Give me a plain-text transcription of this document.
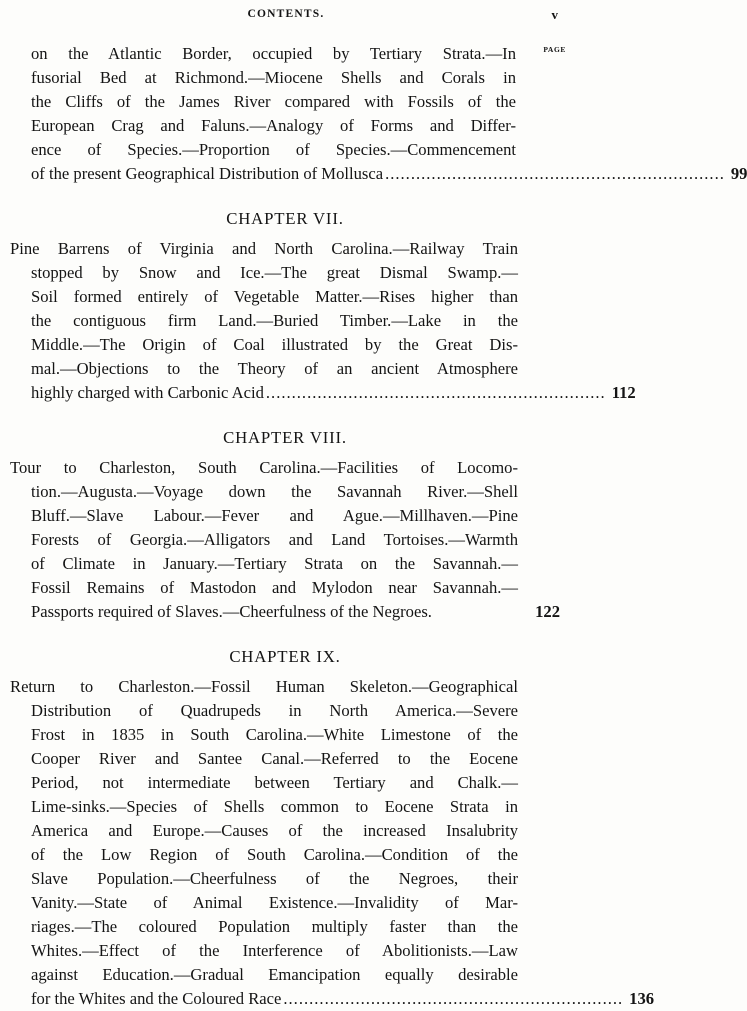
CONTENTS.	v
PAGE
on the Atlantic Border, occupied by Tertiary Strata.—In
fusorial Bed at Richmond.—Miocene Shells and Corals in
the Cliffs of the James River compared with Fossils of the
European Crag and Faluns.—Analogy of Forms and Differ-
ence of Species.—Proportion of Species.—Commencement
of the present Geographical Distribution of Mollusca .................................................................. 99
CHAPTER VII.
Pine Barrens of Virginia and North Carolina.—Railway Train
stopped by Snow and Ice.—The great Dismal Swamp.—
Soil formed entirely of Vegetable Matter.—Rises higher than
the contiguous firm Land.—Buried Timber.—Lake in the
Middle.—The Origin of Coal illustrated by the Great Dis-
mal.—Objections to the Theory of an ancient Atmosphere
highly charged with Carbonic Acid .................................................................. 112
CHAPTER VIII.
Tour to Charleston, South Carolina.—Facilities of Locomo-
tion.—Augusta.—Voyage down the Savannah River.—Shell
Bluff.—Slave Labour.—Fever and Ague.—Millhaven.—Pine
Forests of Georgia.—Alligators and Land Tortoises.—Warmth
of Climate in January.—Tertiary Strata on the Savannah.—
Fossil Remains of Mastodon and Mylodon near Savannah.—
Passports required of Slaves.—Cheerfulness of the Negroes.	122
CHAPTER IX.
Return to Charleston.—Fossil Human Skeleton.—Geographical
Distribution of Quadrupeds in North America.—Severe
Frost in 1835 in South Carolina.—White Limestone of the
Cooper River and Santee Canal.—Referred to the Eocene
Period, not intermediate between Tertiary and Chalk.—
Lime-sinks.—Species of Shells common to Eocene Strata in
America and Europe.—Causes of the increased Insalubrity
of the Low Region of South Carolina.—Condition of the
Slave Population.—Cheerfulness of the Negroes, their
Vanity.—State of Animal Existence.—Invalidity of Mar-
riages.—The coloured Population multiply faster than the
Whites.—Effect of the Interference of Abolitionists.—Law
against Education.—Gradual Emancipation equally desirable
for the Whites and the Coloured Race .................................................................. 136
